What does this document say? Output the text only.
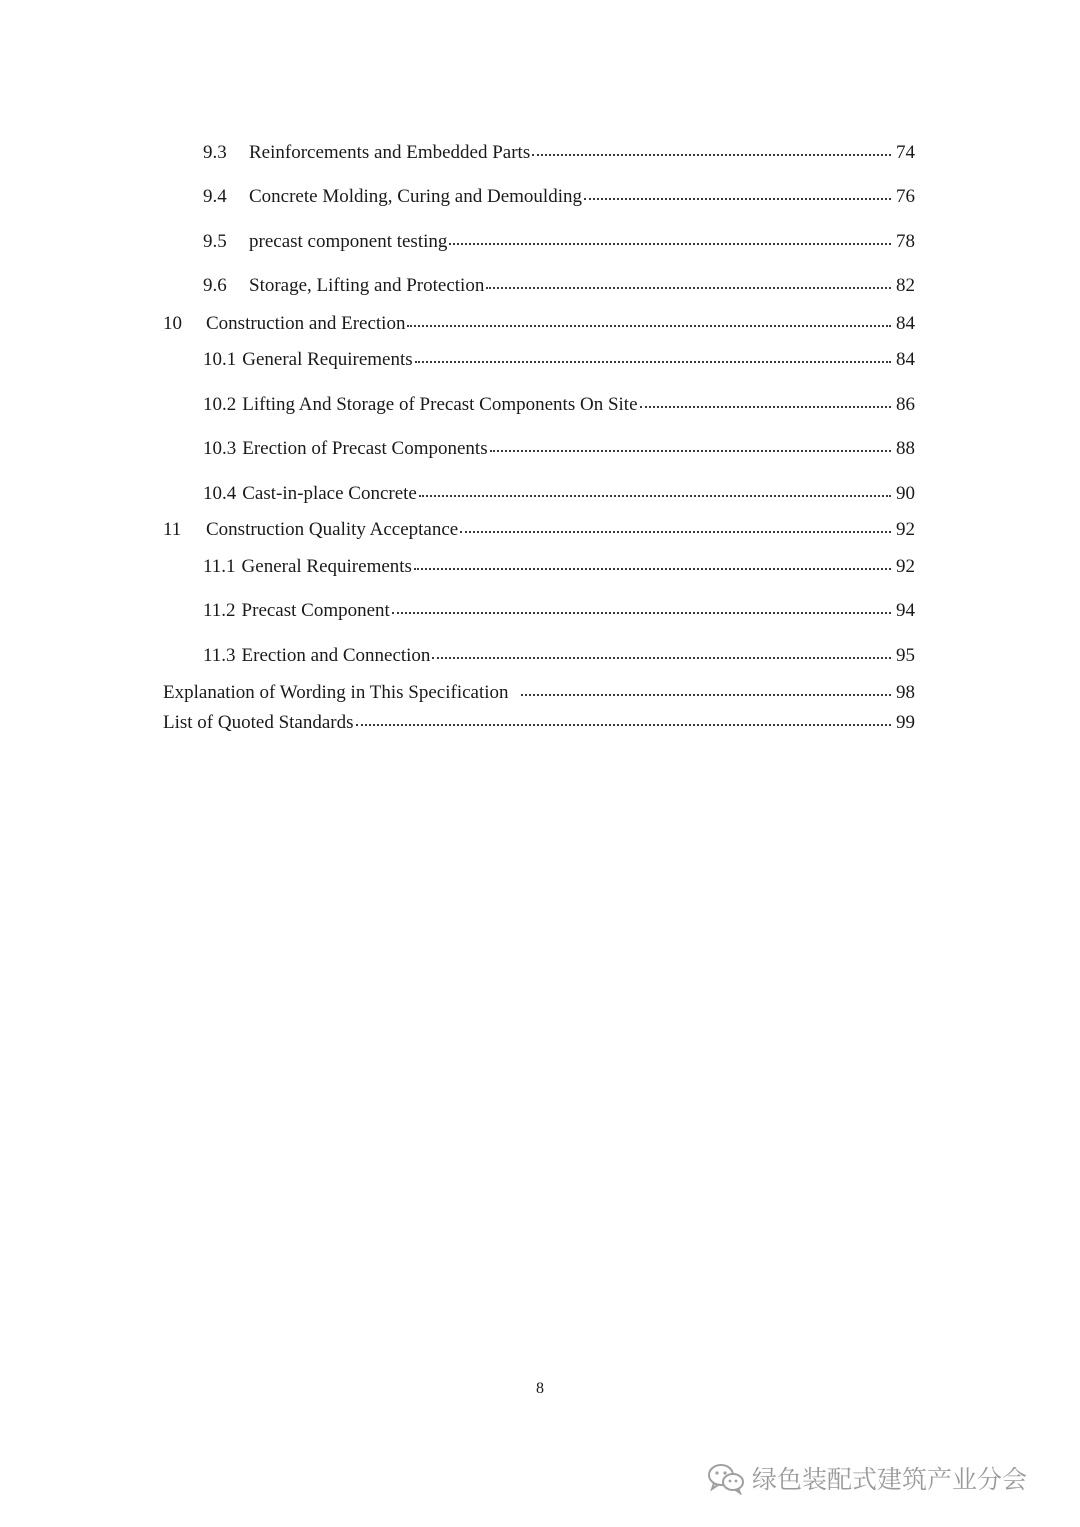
9.3	Reinforcements and Embedded Parts	74
9.4	Concrete Molding, Curing and Demoulding	76
9.5	precast component testing	78
9.6	Storage, Lifting and Protection	82
10	Construction and Erection	84
10.1 General Requirements	84
10.2 Lifting And Storage of Precast Components On Site	86
10.3 Erection of Precast Components	88
10.4 Cast-in-place Concrete	90
11	Construction Quality Acceptance	92
11.1 General Requirements	92
11.2 Precast Component	94
11.3 Erection and Connection	95
Explanation of Wording in This Specification	98
List of Quoted Standards	99
8
绿色装配式建筑产业分会
